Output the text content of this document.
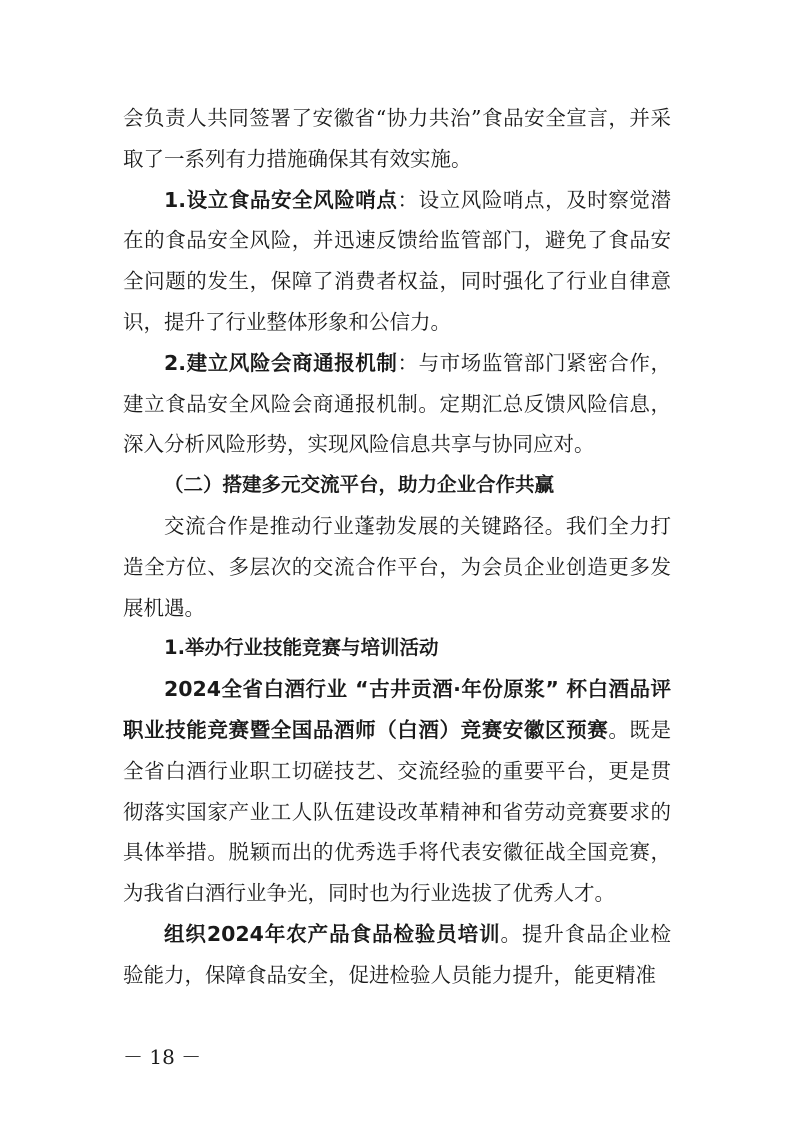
会负责人共同签署了安徽省“协力共治”食品安全宣言，并采取了一系列有力措施确保其有效实施。

1.设立食品安全风险哨点：设立风险哨点，及时察觉潜在的食品安全风险，并迅速反馈给监管部门，避免了食品安全问题的发生，保障了消费者权益，同时强化了行业自律意识，提升了行业整体形象和公信力。

2.建立风险会商通报机制：与市场监管部门紧密合作，建立食品安全风险会商通报机制。定期汇总反馈风险信息，深入分析风险形势，实现风险信息共享与协同应对。

（二）搭建多元交流平台，助力企业合作共赢

交流合作是推动行业蓬勃发展的关键路径。我们全力打造全方位、多层次的交流合作平台，为会员企业创造更多发展机遇。

1.举办行业技能竞赛与培训活动

2024全省白酒行业 “古井贡酒·年份原浆” 杯白酒品评职业技能竞赛暨全国品酒师（白酒）竞赛安徽区预赛。既是全省白酒行业职工切磋技艺、交流经验的重要平台，更是贯彻落实国家产业工人队伍建设改革精神和省劳动竞赛要求的具体举措。脱颖而出的优秀选手将代表安徽征战全国竞赛，为我省白酒行业争光，同时也为行业选拔了优秀人才。

组织2024年农产品食品检验员培训。提升食品企业检验能力，保障食品安全，促进检验人员能力提升，能更精准

－ 18 －
